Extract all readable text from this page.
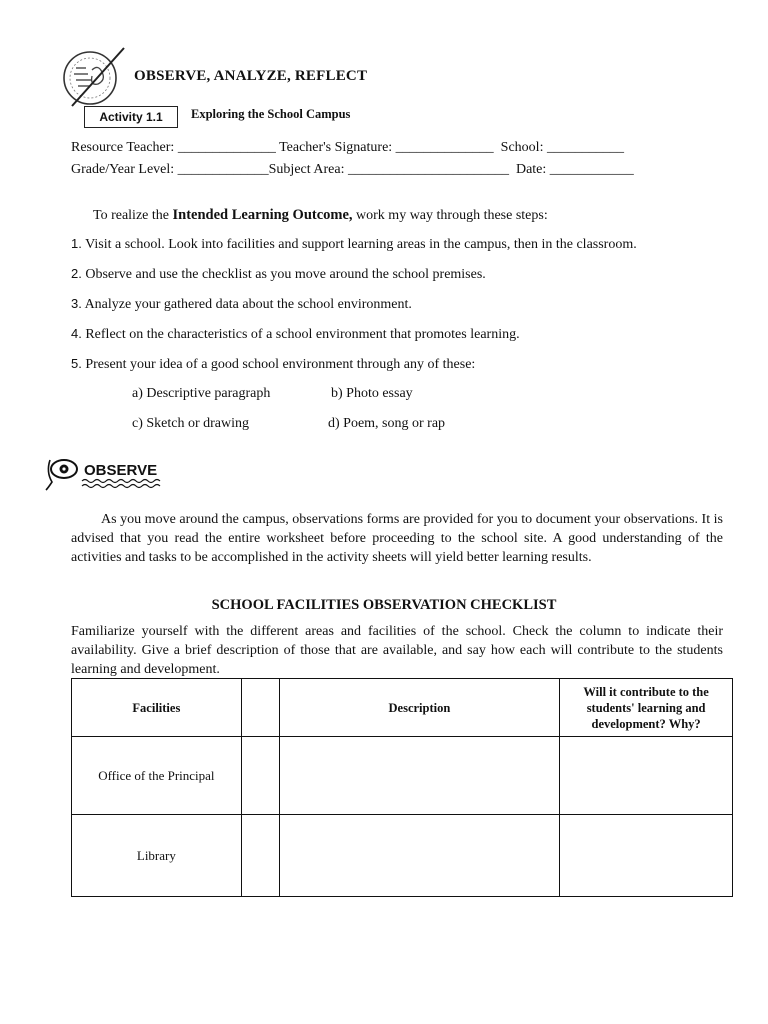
OBSERVE, ANALYZE, REFLECT
Activity 1.1 Exploring the School Campus
Resource Teacher: ______________ Teacher's Signature: ______________  School: ___________
Grade/Year Level: _____________Subject Area: _______________________  Date: ____________
To realize the Intended Learning Outcome, work my way through these steps:
1. Visit a school. Look into facilities and support learning areas in the campus, then in the classroom.
2. Observe and use the checklist as you move around the school premises.
3. Analyze your gathered data about the school environment.
4. Reflect on the characteristics of a school environment that promotes learning.
5. Present your idea of a good school environment through any of these:
a) Descriptive paragraph	b) Photo essay
c) Sketch or drawing	d) Poem, song or rap
OBSERVE
As you move around the campus, observations forms are provided for you to document your observations. It is advised that you read the entire worksheet before proceeding to the school site. A good understanding of the activities and tasks to be accomplished in the activity sheets will yield better learning results.
SCHOOL FACILITIES OBSERVATION CHECKLIST
Familiarize yourself with the different areas and facilities of the school. Check the column to indicate their availability. Give a brief description of those that are available, and say how each will contribute to the students learning and development.
Facilities		Description	Will it contribute to the students' learning and development? Why?
Office of the Principal			
Library			
